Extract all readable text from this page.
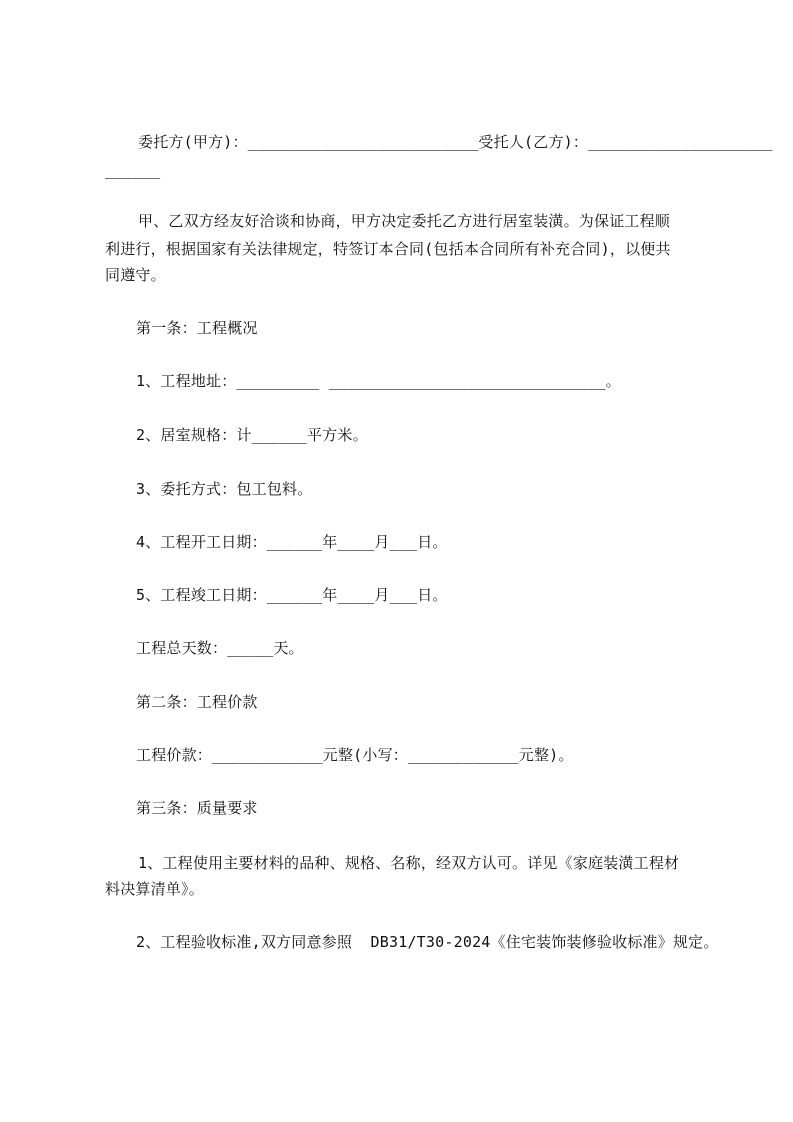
委托方(甲方)：_________________________受托人(乙方)：____________________
______
甲、乙双方经友好洽谈和协商，甲方决定委托乙方进行居室装潢。为保证工程顺
利进行，根据国家有关法律规定，特签订本合同(包括本合同所有补充合同)，以便共
同遵守。
第一条：工程概况
1、工程地址：_________ ______________________________。
2、居室规格：计______平方米。
3、委托方式：包工包料。
4、工程开工日期：______年____月___日。
5、工程竣工日期：______年____月___日。
工程总天数：_____天。
第二条：工程价款
工程价款：____________元整(小写：____________元整)。
第三条：质量要求
1、工程使用主要材料的品种、规格、名称，经双方认可。详见《家庭装潢工程材
料决算清单》。
2、工程验收标准,双方同意参照  DB31/T30-2024《住宅装饰装修验收标准》规定。
